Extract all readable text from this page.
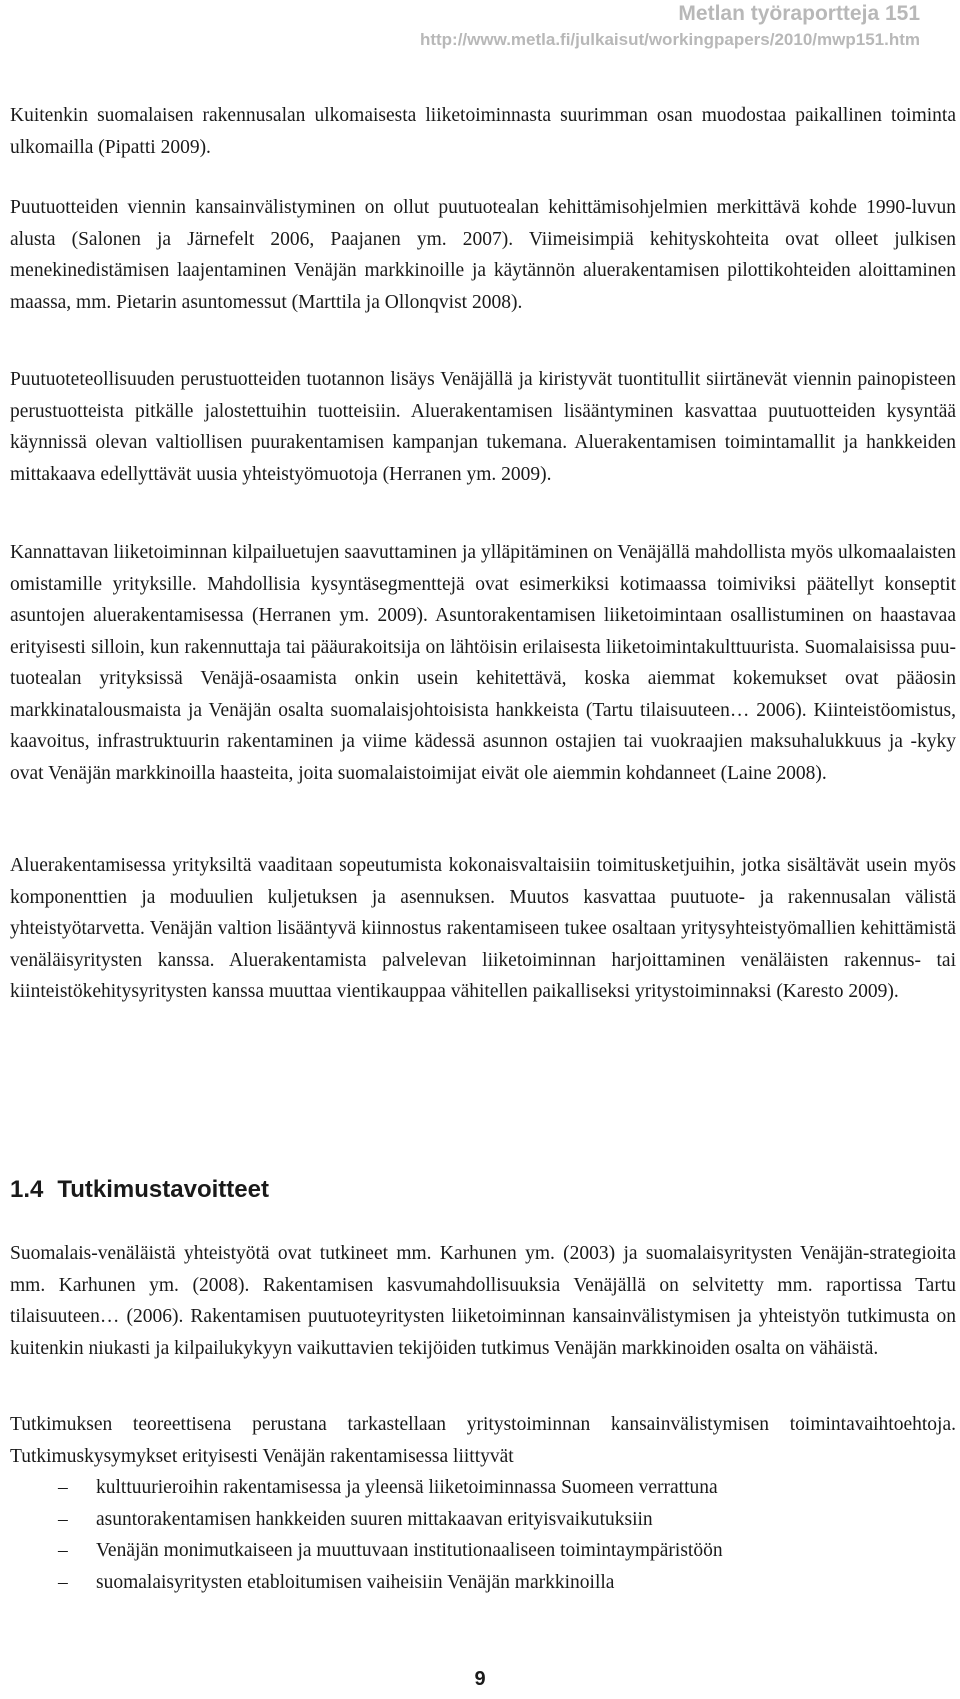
Metlan työraportteja 151
http://www.metla.fi/julkaisut/workingpapers/2010/mwp151.htm

Kuitenkin suomalaisen rakennusalan ulkomaisesta liiketoiminnasta suurimman osan muodostaa paikallinen toiminta ulkomailla (Pipatti 2009).

Puutuotteiden viennin kansainvälistyminen on ollut puutuotealan kehittämisohjelmien merkittävä kohde 1990-luvun alusta (Salonen ja Järnefelt 2006, Paajanen ym. 2007). Viimeisimpiä kehityskohteita ovat olleet julkisen menekinedistämisen laajentaminen Venäjän markkinoille ja käytännön aluerakentamisen pilottikohteiden aloittaminen maassa, mm. Pietarin asuntomessut (Marttila ja Ollonqvist 2008).

Puutuoteteollisuuden perustuotteiden tuotannon lisäys Venäjällä ja kiristyvät tuontitullit siirtänevät viennin painopisteen perustuotteista pitkälle jalostettuihin tuotteisiin. Aluerakentamisen lisääntyminen kasvattaa puutuotteiden kysyntää käynnissä olevan valtiollisen puurakentamisen kampanjan tukemana. Aluerakentamisen toimintamallit ja hankkeiden mittakaava edellyttävät uusia yhteistyömuotoja (Herranen ym. 2009).

Kannattavan liiketoiminnan kilpailuetujen saavuttaminen ja ylläpitäminen on Venäjällä mahdollista myös ulkomaalaisten omistamille yrityksille. Mahdollisia kysyntäsegmenttejä ovat esimerkiksi kotimaassa toimiviksi päätellyt konseptit asuntojen aluerakentamisessa (Herranen ym. 2009). Asuntorakentamisen liiketoimintaan osallistuminen on haastavaa erityisesti silloin, kun rakennuttaja tai pääurakoitsija on lähtöisin erilaisesta liiketoimintakulttuurista. Suomalaisissa puutuotealan yrityksissä Venäjä-osaamista onkin usein kehitettävä, koska aiemmat kokemukset ovat pääosin markkinatalousmaista ja Venäjän osalta suomalaisjohtoisista hankkeista (Tartu tilaisuuteen… 2006). Kiinteistöomistus, kaavoitus, infrastruktuurin rakentaminen ja viime kädessä asunnon ostajien tai vuokraajien maksuhalukkuus ja -kyky ovat Venäjän markkinoilla haasteita, joita suomalaistoimijat eivät ole aiemmin kohdanneet (Laine 2008).

Aluerakentamisessa yrityksiltä vaaditaan sopeutumista kokonaisvaltaisiin toimitusketjuihin, jotka sisältävät usein myös komponenttien ja moduulien kuljetuksen ja asennuksen. Muutos kasvattaa puutuote- ja rakennusalan välistä yhteistyötarvetta. Venäjän valtion lisääntyvä kiinnostus rakentamiseen tukee osaltaan yritysyhteistyömallien kehittämistä venäläisyritysten kanssa. Aluerakentamista palvelevan liiketoiminnan harjoittaminen venäläisten rakennus- tai kiinteistökehitysyritysten kanssa muuttaa vientikauppaa vähitellen paikalliseksi yritystoiminnaksi (Karesto 2009).

1.4 Tutkimustavoitteet

Suomalais-venäläistä yhteistyötä ovat tutkineet mm. Karhunen ym. (2003) ja suomalaisyritysten Venäjän-strategioita mm. Karhunen ym. (2008). Rakentamisen kasvumahdollisuuksia Venäjällä on selvitetty mm. raportissa Tartu tilaisuuteen… (2006). Rakentamisen puutuoteyritysten liiketoiminnan kansainvälistymisen ja yhteistyön tutkimusta on kuitenkin niukasti ja kilpailukykyyn vaikuttavien tekijöiden tutkimus Venäjän markkinoiden osalta on vähäistä.

Tutkimuksen teoreettisena perustana tarkastellaan yritystoiminnan kansainvälistymisen toimintavaihtoehtoja. Tutkimuskysymykset erityisesti Venäjän rakentamisessa liittyvät

– kulttuurieroihin rakentamisessa ja yleensä liiketoiminnassa Suomeen verrattuna
– asuntorakentamisen hankkeiden suuren mittakaavan erityisvaikutuksiin
– Venäjän monimutkaiseen ja muuttuvaan institutionaaliseen toimintaympäristöön
– suomalaisyritysten etabloitumisen vaiheisiin Venäjän markkinoilla
9
